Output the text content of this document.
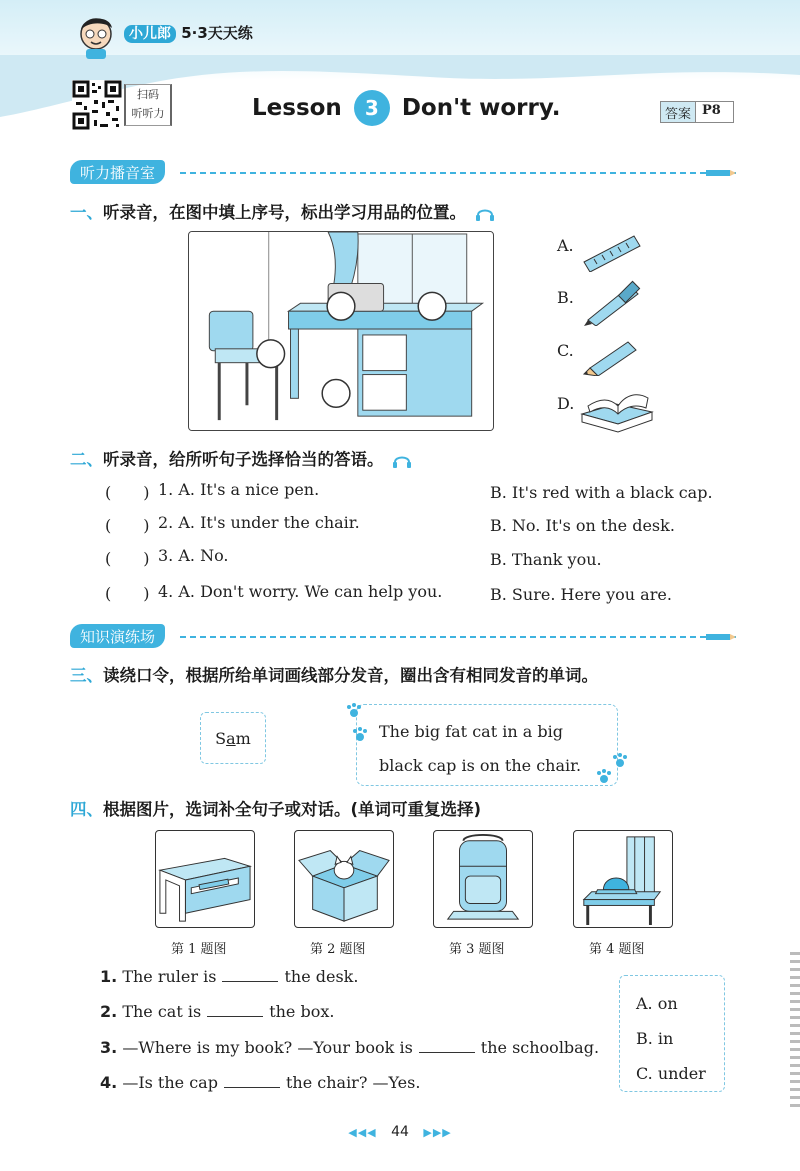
小儿郎 5·3天天练
扫码
听听力	Lesson	3	Don't worry.	答案 P8
听力播音室
一、听录音，在图中填上序号，标出学习用品的位置。
A.
B.
C.
D.
二、听录音，给所听句子选择恰当的答语。
(　　) 1. A. It's a nice pen.	B. It's red with a black cap.
(　　) 2. A. It's under the chair.	B. No. It's on the desk.
(　　) 3. A. No.	B. Thank you.
(　　) 4. A. Don't worry. We can help you.	B. Sure. Here you are.
知识演练场
三、读绕口令，根据所给单词画线部分发音，圈出含有相同发音的单词。
Sam	The big fat cat in a big
black cap is on the chair.
四、根据图片，选词补全句子或对话。(单词可重复选择)
第 1 题图	第 2 题图	第 3 题图	第 4 题图
1. The ruler is	the desk.
2. The cat is	the box.
3. —Where is my book? —Your book is	the schoolbag.
4. —Is the cap	the chair? —Yes.
A. on
B. in
C. under
◀◀◀ 44 ▶▶▶
